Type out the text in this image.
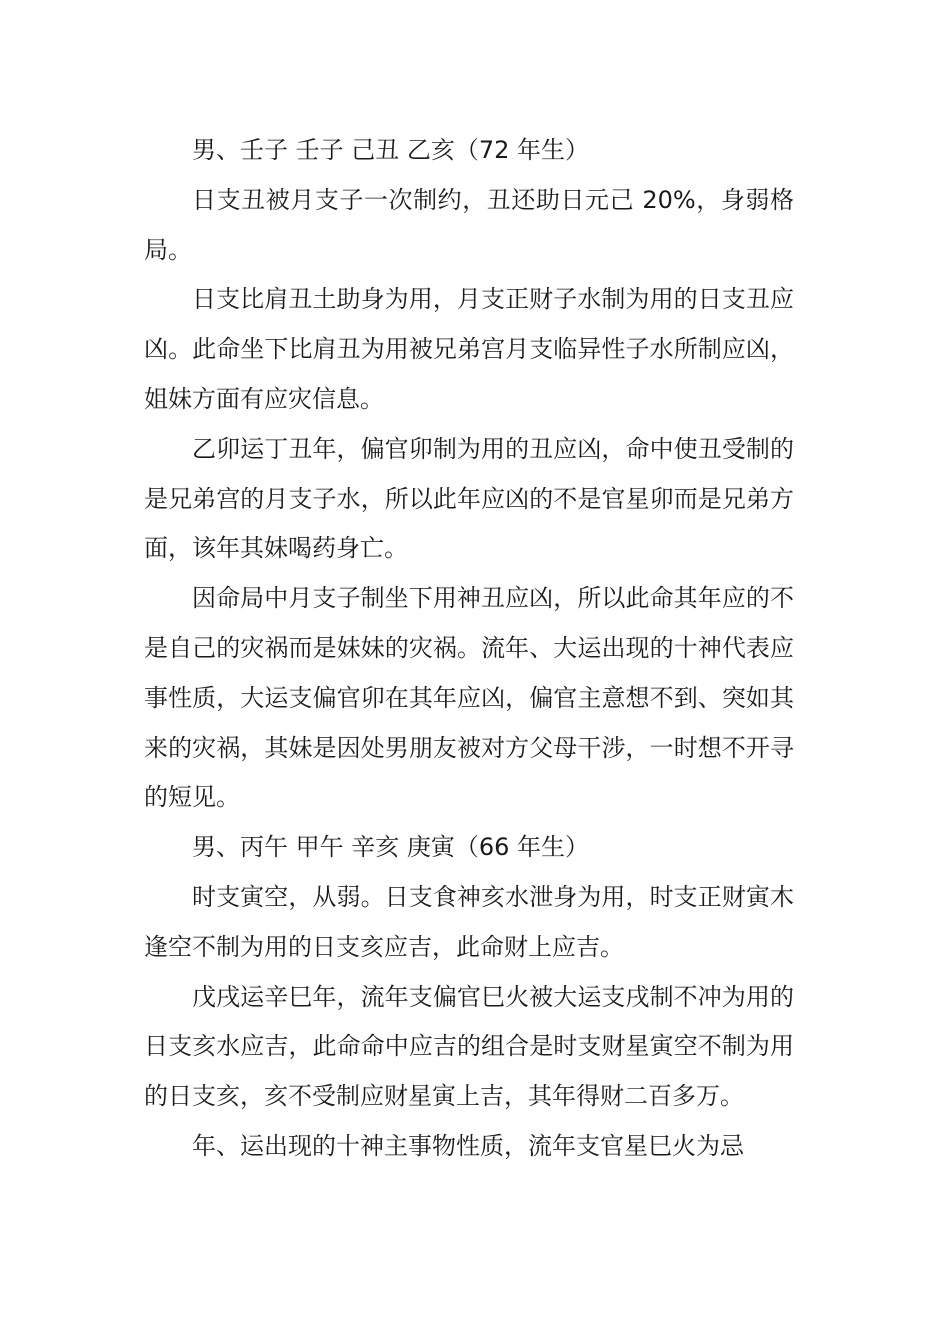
男、壬子 壬子 己丑 乙亥（72 年生）

日支丑被月支子一次制约，丑还助日元己 20%，身弱格局。

日支比肩丑土助身为用，月支正财子水制为用的日支丑应凶。此命坐下比肩丑为用被兄弟宫月支临异性子水所制应凶，姐妹方面有应灾信息。

乙卯运丁丑年，偏官卯制为用的丑应凶，命中使丑受制的是兄弟宫的月支子水，所以此年应凶的不是官星卯而是兄弟方面，该年其妹喝药身亡。

因命局中月支子制坐下用神丑应凶，所以此命其年应的不是自己的灾祸而是妹妹的灾祸。流年、大运出现的十神代表应事性质，大运支偏官卯在其年应凶，偏官主意想不到、突如其来的灾祸，其妹是因处男朋友被对方父母干涉，一时想不开寻的短见。

男、丙午 甲午 辛亥 庚寅（66 年生）

时支寅空，从弱。日支食神亥水泄身为用，时支正财寅木逢空不制为用的日支亥应吉，此命财上应吉。

戊戌运辛巳年，流年支偏官巳火被大运支戌制不冲为用的日支亥水应吉，此命命中应吉的组合是时支财星寅空不制为用的日支亥，亥不受制应财星寅上吉，其年得财二百多万。

年、运出现的十神主事物性质，流年支官星巳火为忌
